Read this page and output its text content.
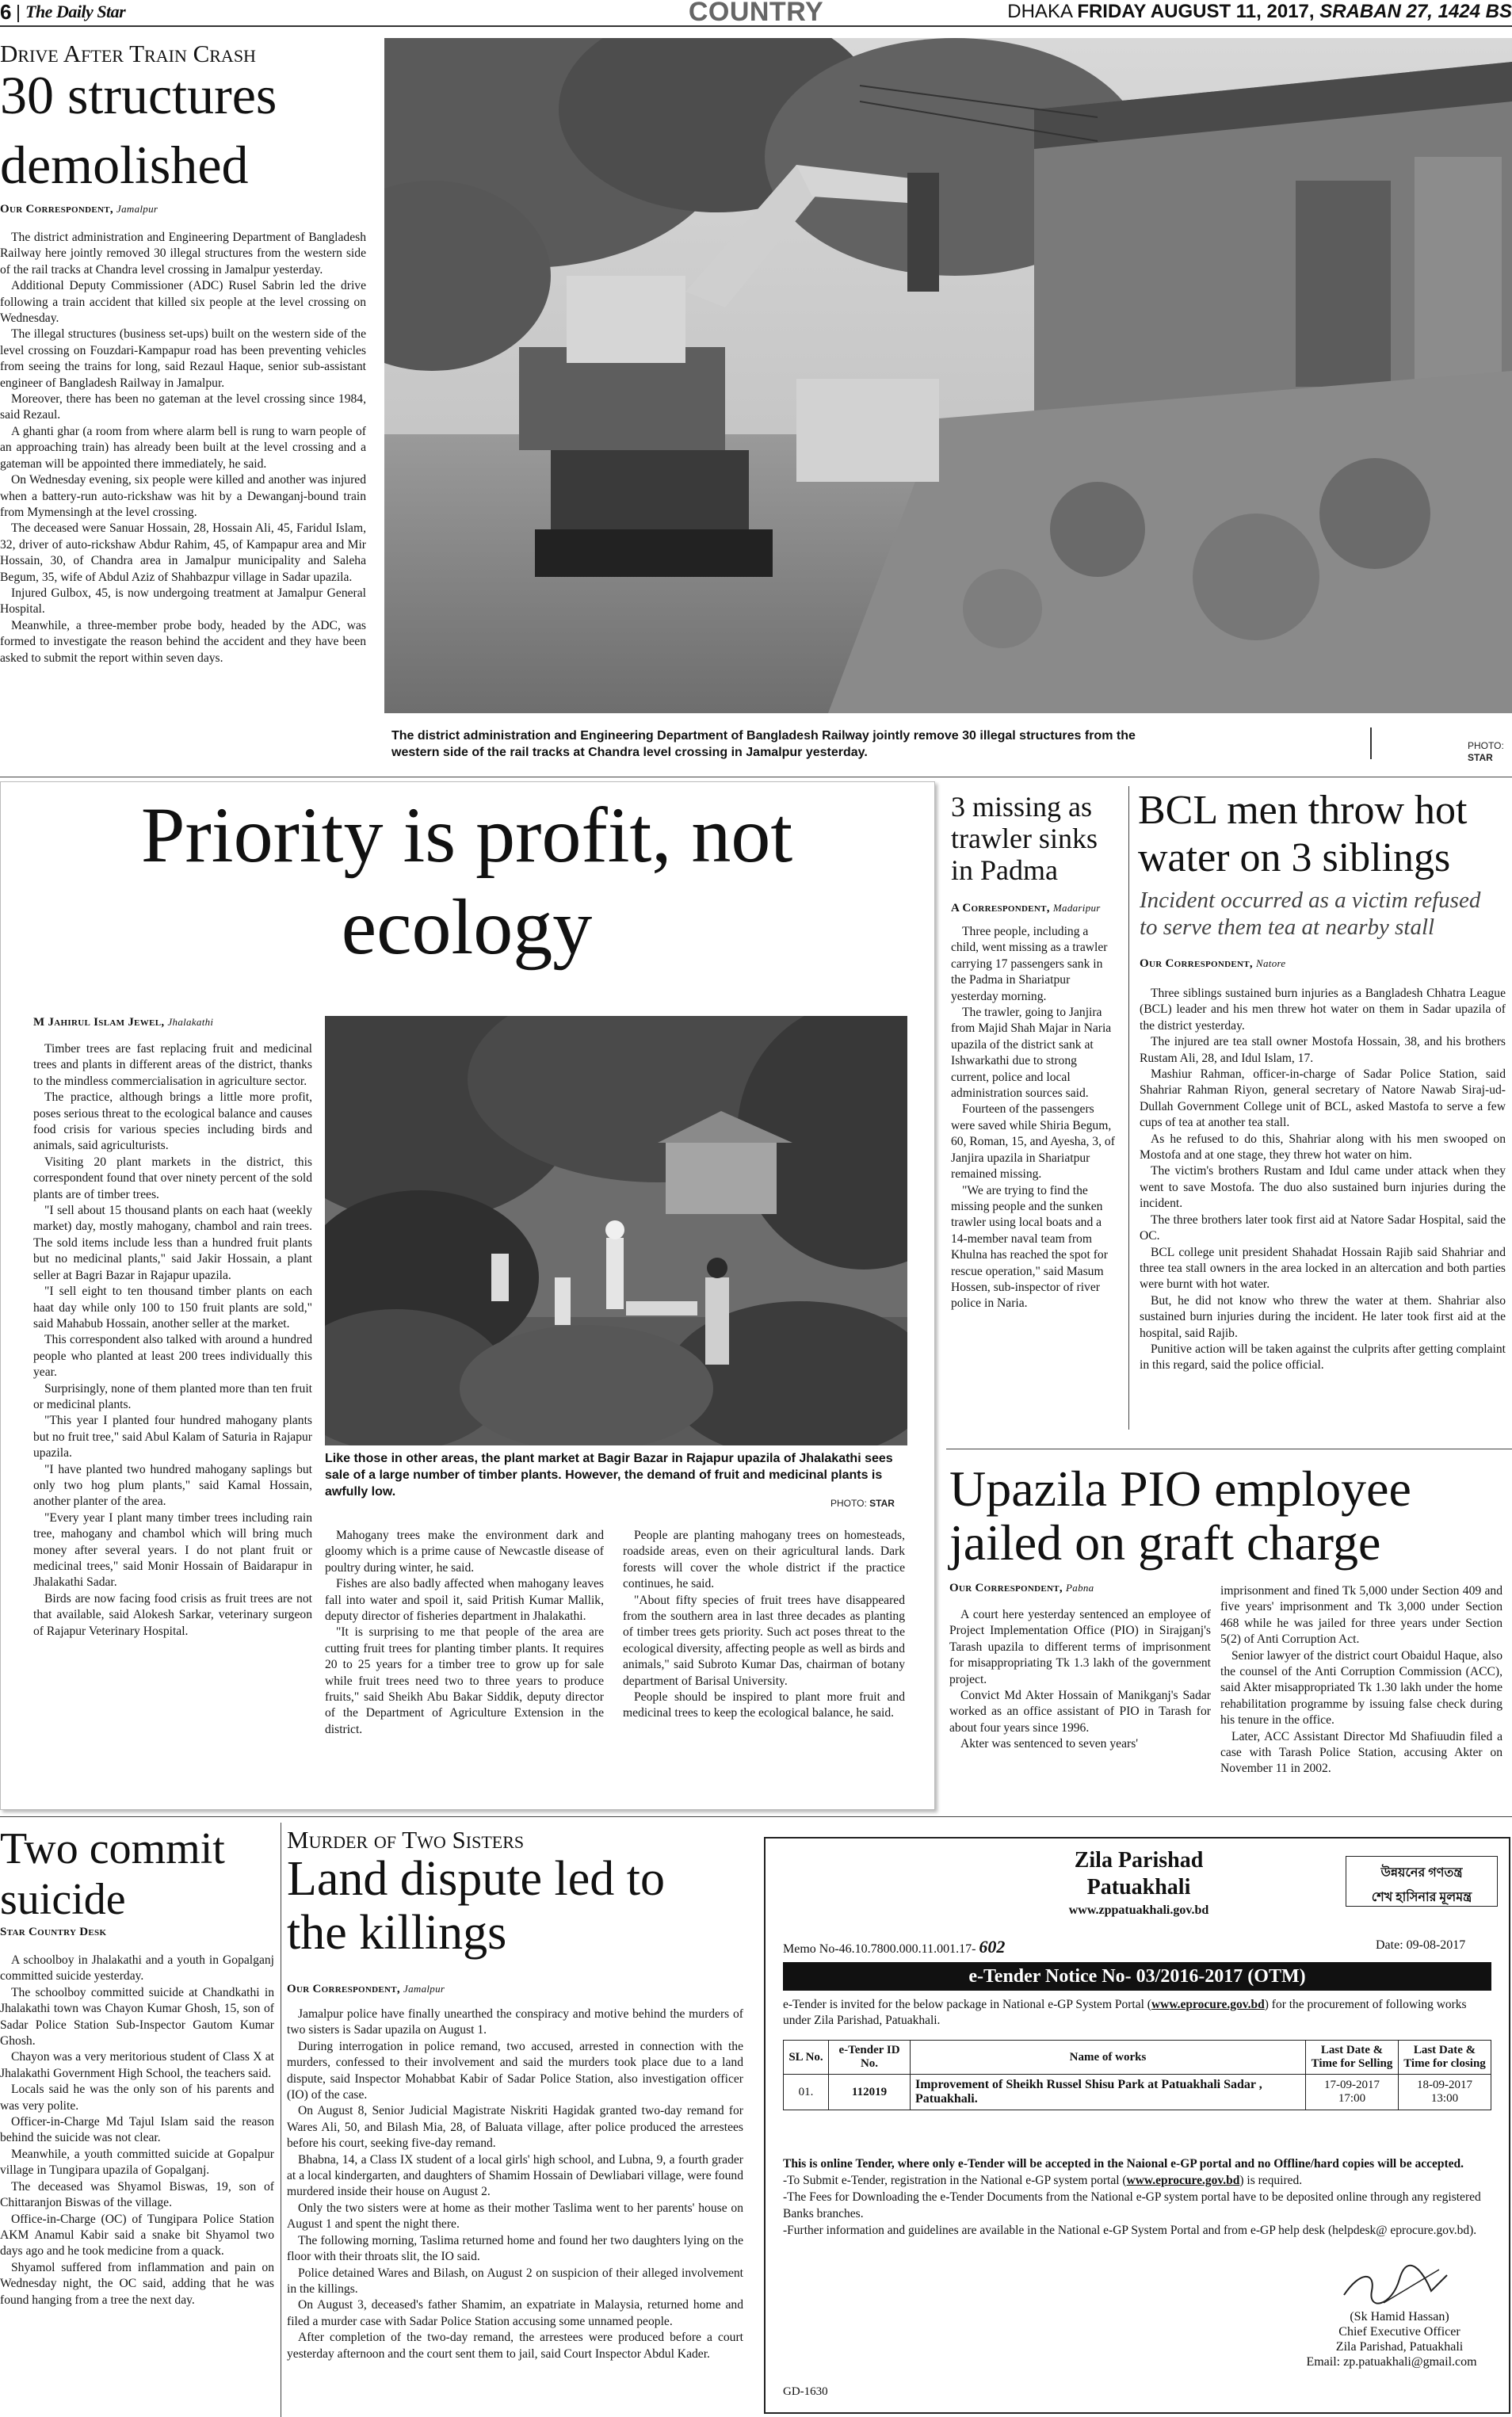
6 The Daily Star	COUNTRY	DHAKA FRIDAY AUGUST 11, 2017, SRABAN 27, 1424 BS
Drive After Train Crash
30 structures
demolished
Our Correspondent, Jamalpur

The district administration and Engineering Department of Bangladesh Railway here jointly removed 30 illegal structures from the western side of the rail tracks at Chandra level crossing in Jamalpur yesterday.

Additional Deputy Commissioner (ADC) Rusel Sabrin led the drive following a train accident that killed six people at the level crossing on Wednesday.

The illegal structures (business set-ups) built on the western side of the level crossing on Fouzdari-Kampapur road has been preventing vehicles from seeing the trains for long, said Rezaul Haque, senior sub-assistant engineer of Bangladesh Railway in Jamalpur.

Moreover, there has been no gateman at the level crossing since 1984, said Rezaul.

A ghanti ghar (a room from where alarm bell is rung to warn people of an approaching train) has already been built at the level crossing and a gateman will be appointed there immediately, he said.

On Wednesday evening, six people were killed and another was injured when a battery-run auto-rickshaw was hit by a Dewanganj-bound train from Mymensingh at the level crossing.

The deceased were Sanuar Hossain, 28, Hossain Ali, 45, Faridul Islam, 32, driver of auto-rickshaw Abdur Rahim, 45, of Kampapur area and Mir Hossain, 30, of Chandra area in Jamalpur municipality and Saleha Begum, 35, wife of Abdul Aziz of Shahbazpur village in Sadar upazila.

Injured Gulbox, 45, is now undergoing treatment at Jamalpur General Hospital.

Meanwhile, a three-member probe body, headed by the ADC, was formed to investigate the reason behind the accident and they have been asked to submit the report within seven days.

The district administration and Engineering Department of Bangladesh Railway jointly remove 30 illegal structures from the western side of the rail tracks at Chandra level crossing in Jamalpur yesterday.	PHOTO:
STAR
Priority is profit, not
ecology
M Jahirul Islam Jewel, Jhalakathi

Timber trees are fast replacing fruit and medicinal trees and plants in different areas of the district, thanks to the mindless commercialisation in agriculture sector.

The practice, although brings a little more profit, poses serious threat to the ecological balance and causes food crisis for various species including birds and animals, said agriculturists.

Visiting 20 plant markets in the district, this correspondent found that over ninety percent of the sold plants are of timber trees.

"I sell about 15 thousand plants on each haat (weekly market) day, mostly mahogany, chambol and rain trees. The sold items include less than a hundred fruit plants but no medicinal plants," said Jakir Hossain, a plant seller at Bagri Bazar in Rajapur upazila.

"I sell eight to ten thousand timber plants on each haat day while only 100 to 150 fruit plants are sold," said Mahabub Hossain, another seller at the market.

This correspondent also talked with around a hundred people who planted at least 200 trees individually this year.

Surprisingly, none of them planted more than ten fruit or medicinal plants.

"This year I planted four hundred mahogany plants but no fruit tree," said Abul Kalam of Saturia in Rajapur upazila.

"I have planted two hundred mahogany saplings but only two hog plum plants," said Kamal Hossain, another planter of the area.

"Every year I plant many timber trees including rain tree, mahogany and chambol which will bring much money after several years. I do not plant fruit or medicinal trees," said Monir Hossain of Baidarapur in Jhalakathi Sadar.

Birds are now facing food crisis as fruit trees are not that available, said Alokesh Sarkar, veterinary surgeon of Rajapur Veterinary Hospital.

Like those in other areas, the plant market at Bagir Bazar in Rajapur upazila of Jhalakathi sees sale of a large number of timber plants. However, the demand of fruit and medicinal plants is awfully low.
PHOTO: STAR

Mahogany trees make the environment dark and gloomy which is a prime cause of Newcastle disease of poultry during winter, he said.

Fishes are also badly affected when mahogany leaves fall into water and spoil it, said Pritish Kumar Mallik, deputy director of fisheries department in Jhalakathi.

"It is surprising to me that people of the area are cutting fruit trees for planting timber plants. It requires 20 to 25 years for a timber tree to grow up for sale while fruit trees need two to three years to produce fruits," said Sheikh Abu Bakar Siddik, deputy director of the Department of Agriculture Extension in the district.

People are planting mahogany trees on homesteads, roadside areas, even on their agricultural lands. Dark forests will cover the whole district if the practice continues, he said.

"About fifty species of fruit trees have disappeared from the southern area in last three decades as planting of timber trees gets priority. Such act poses threat to the ecological diversity, affecting people as well as birds and animals," said Subroto Kumar Das, chairman of botany department of Barisal University.

People should be inspired to plant more fruit and medicinal trees to keep the ecological balance, he said.

3 missing as
trawler sinks
in Padma
A Correspondent, Madaripur

Three people, including a child, went missing as a trawler carrying 17 passengers sank in the Padma in Shariatpur yesterday morning.

The trawler, going to Janjira from Majid Shah Majar in Naria upazila of the district sank at Ishwarkathi due to strong current, police and local administration sources said.

Fourteen of the passengers were saved while Shiria Begum, 60, Roman, 15, and Ayesha, 3, of Janjira upazila in Shariatpur remained missing.

"We are trying to find the missing people and the sunken trawler using local boats and a 14-member naval team from Khulna has reached the spot for rescue operation," said Masum Hossen, sub-inspector of river police in Naria.

BCL men throw hot
water on 3 siblings
Incident occurred as a victim refused
to serve them tea at nearby stall
Our Correspondent, Natore

Three siblings sustained burn injuries as a Bangladesh Chhatra League (BCL) leader and his men threw hot water on them in Sadar upazila of the district yesterday.

The injured are tea stall owner Mostofa Hossain, 38, and his brothers Rustam Ali, 28, and Idul Islam, 17.

Mashiur Rahman, officer-in-charge of Sadar Police Station, said Shahriar Rahman Riyon, general secretary of Natore Nawab Siraj-ud-Dullah Government College unit of BCL, asked Mastofa to serve a few cups of tea at another tea stall.

As he refused to do this, Shahriar along with his men swooped on Mostofa and at one stage, they threw hot water on him.

The victim's brothers Rustam and Idul came under attack when they went to save Mostofa. The duo also sustained burn injuries during the incident.

The three brothers later took first aid at Natore Sadar Hospital, said the OC.

BCL college unit president Shahadat Hossain Rajib said Shahriar and three tea stall owners in the area locked in an altercation and both parties were burnt with hot water.

But, he did not know who threw the water at them. Shahriar also sustained burn injuries during the incident. He later took first aid at the hospital, said Rajib.

Punitive action will be taken against the culprits after getting complaint in this regard, said the police official.

Upazila PIO employee
jailed on graft charge
Our Correspondent, Pabna

A court here yesterday sentenced an employee of Project Implementation Office (PIO) in Sirajganj's Tarash upazila to different terms of imprisonment for misappropriating Tk 1.3 lakh of the government project.

Convict Md Akter Hossain of Manikganj's Sadar worked as an office assistant of PIO in Tarash for about four years since 1996.

Akter was sentenced to seven years'

imprisonment and fined Tk 5,000 under Section 409 and five years' imprisonment and Tk 3,000 under Section 468 while he was jailed for three years under Section 5(2) of Anti Corruption Act.

Senior lawyer of the district court Obaidul Haque, also the counsel of the Anti Corruption Commission (ACC), said Akter misappropriated Tk 1.30 lakh under the home rehabilitation programme by issuing false check during his tenure in the office.

Later, ACC Assistant Director Md Shafiuudin filed a case with Tarash Police Station, accusing Akter on November 11 in 2002.

Two commit
suicide
Star Country Desk

A schoolboy in Jhalakathi and a youth in Gopalganj committed suicide yesterday.

The schoolboy committed suicide at Chandkathi in Jhalakathi town was Chayon Kumar Ghosh, 15, son of Sadar Police Station Sub-Inspector Gautom Kumar Ghosh.

Chayon was a very meritorious student of Class X at Jhalakathi Government High School, the teachers said.

Locals said he was the only son of his parents and was very polite.

Officer-in-Charge Md Tajul Islam said the reason behind the suicide was not clear.

Meanwhile, a youth committed suicide at Gopalpur village in Tungipara upazila of Gopalganj.

The deceased was Shyamol Biswas, 19, son of Chittaranjon Biswas of the village.

Office-in-Charge (OC) of Tungipara Police Station AKM Anamul Kabir said a snake bit Shyamol two days ago and he took medicine from a quack.

Shyamol suffered from inflammation and pain on Wednesday night, the OC said, adding that he was found hanging from a tree the next day.

Murder of Two Sisters
Land dispute led to
the killings
Our Correspondent, Jamalpur

Jamalpur police have finally unearthed the conspiracy and motive behind the murders of two sisters is Sadar upazila on August 1.

During interrogation in police remand, two accused, arrested in connection with the murders, confessed to their involvement and said the murders took place due to a land dispute, said Inspector Mohabbat Kabir of Sadar Police Station, also investigation officer (IO) of the case.

On August 8, Senior Judicial Magistrate Niskriti Hagidak granted two-day remand for Wares Ali, 50, and Bilash Mia, 28, of Baluata village, after police produced the arrestees before his court, seeking five-day remand.

Bhabna, 14, a Class IX student of a local girls' high school, and Lubna, 9, a fourth grader at a local kindergarten, and daughters of Shamim Hossain of Dewliabari village, were found murdered inside their house on August 2.

Only the two sisters were at home as their mother Taslima went to her parents' house on August 1 and spent the night there.

The following morning, Taslima returned home and found her two daughters lying on the floor with their throats slit, the IO said.

Police detained Wares and Bilash, on August 2 on suspicion of their alleged involvement in the killings.

On August 3, deceased's father Shamim, an expatriate in Malaysia, returned home and filed a murder case with Sadar Police Station accusing some unnamed people.

After completion of the two-day remand, the arrestees were produced before a court yesterday afternoon and the court sent them to jail, said Court Inspector Abdul Kader.

Zila Parishad
Patuakhali
www.zppatuakhali.gov.bd
উন্নয়নের গণতন্ত্র
শেখ হাসিনার মূলমন্ত্র
Memo No-46.10.7800.000.11.001.17- 602	Date: 09-08-2017
e-Tender Notice No- 03/2016-2017 (OTM)
e-Tender is invited for the below package in National e-GP System Portal (www.eprocure.gov.bd) for the procurement of following works under Zila Parishad, Patuakhali.
SL No.	e-Tender ID No.	Name of works	Last Date & Time for Selling	Last Date & Time for closing
01.	112019	Improvement of Sheikh Russel Shisu Park at Patuakhali Sadar , Patuakhali.	17-09-2017 17:00	18-09-2017 13:00
This is online Tender, where only e-Tender will be accepted in the Naional e-GP portal and no Offline/hard copies will be accepted.
-To Submit e-Tender, registration in the National e-GP system portal (www.eprocure.gov.bd) is required.
-The Fees for Downloading the e-Tender Documents from the National e-GP system portal have to be deposited online through any registered Banks branches.
-Further information and guidelines are available in the National e-GP System Portal and from e-GP help desk (helpdesk@ eprocure.gov.bd).
(Sk Hamid Hassan)
Chief Executive Officer
Zila Parishad, Patuakhali
Email: zp.patuakhali@gmail.com
GD-1630
